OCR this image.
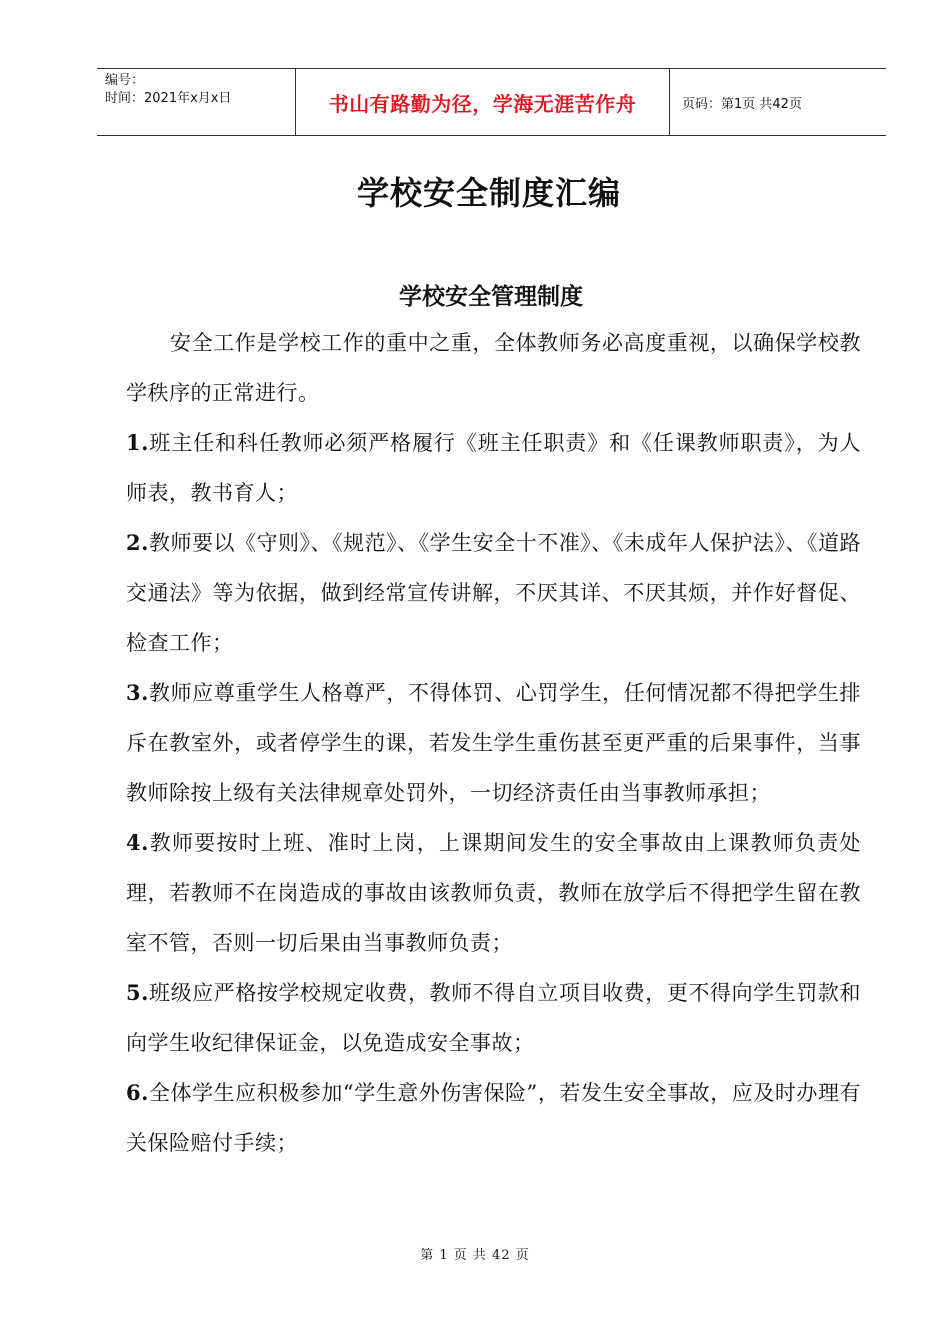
编号：
时间：2021年x月x日	书山有路勤为径，学海无涯苦作舟	页码：第1页 共42页
学校安全制度汇编
学校安全管理制度

安全工作是学校工作的重中之重，全体教师务必高度重视，以确保学校教学秩序的正常进行。

1.班主任和科任教师必须严格履行《班主任职责》和《任课教师职责》，为人师表，教书育人；

2.教师要以《守则》、《规范》、《学生安全十不准》、《未成年人保护法》、《道路交通法》等为依据，做到经常宣传讲解，不厌其详、不厌其烦，并作好督促、检查工作；

3.教师应尊重学生人格尊严，不得体罚、心罚学生，任何情况都不得把学生排斥在教室外，或者停学生的课，若发生学生重伤甚至更严重的后果事件，当事教师除按上级有关法律规章处罚外，一切经济责任由当事教师承担；

4.教师要按时上班、准时上岗，上课期间发生的安全事故由上课教师负责处理，若教师不在岗造成的事故由该教师负责，教师在放学后不得把学生留在教室不管，否则一切后果由当事教师负责；

5.班级应严格按学校规定收费，教师不得自立项目收费，更不得向学生罚款和向学生收纪律保证金，以免造成安全事故；

6.全体学生应积极参加“学生意外伤害保险”，若发生安全事故，应及时办理有关保险赔付手续；

第 1 页 共 42 页
